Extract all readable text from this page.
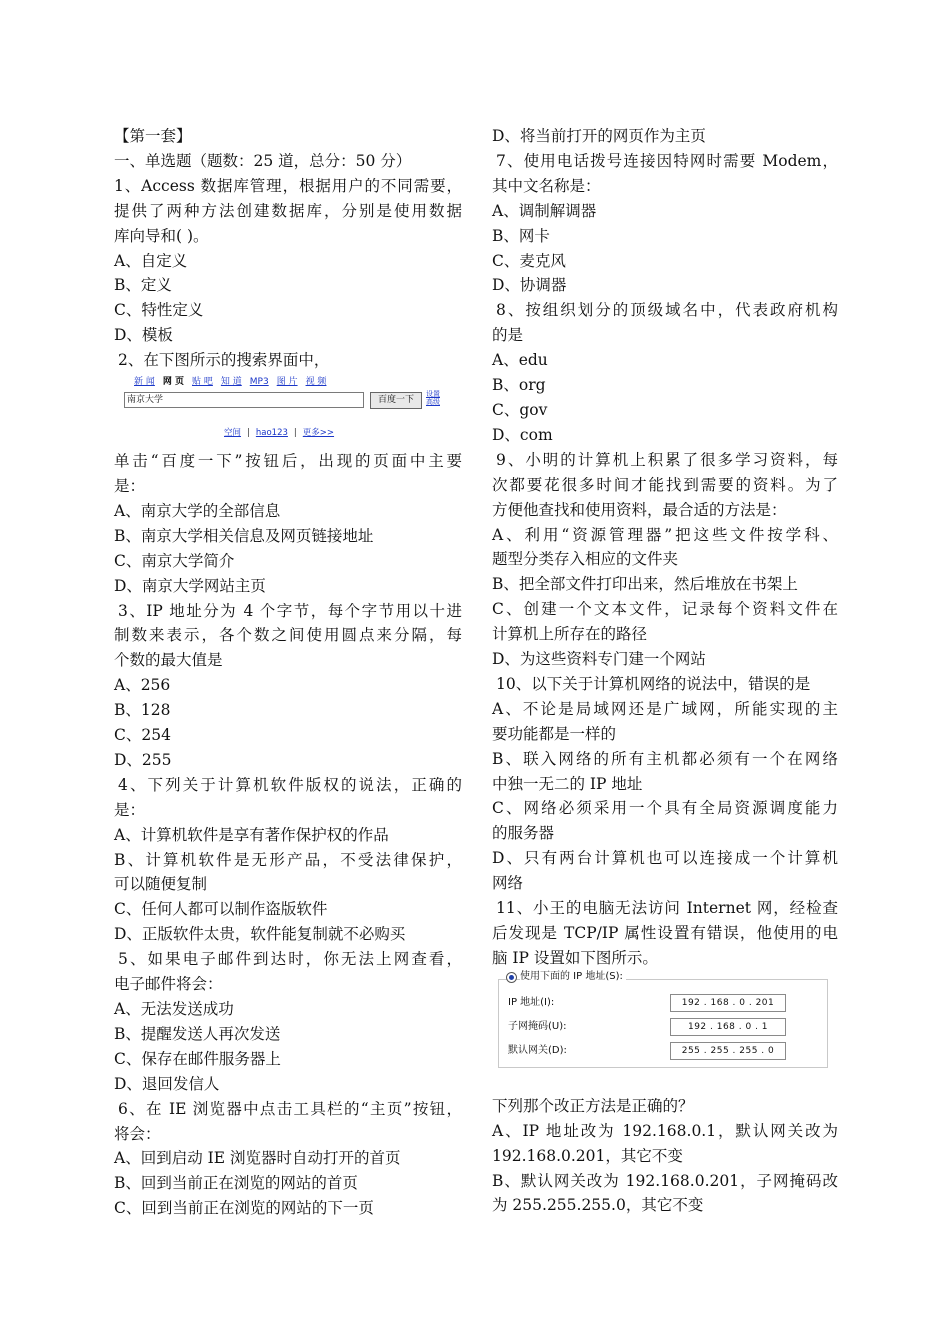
【第一套】
一、单选题（题数：25 道，总分：50 分）
1、Access 数据库管理，根据用户的不同需要，
提供了两种方法创建数据库，分别是使用数据
库向导和( )。
A、自定义
B、定义
C、特性定义
D、模板
2、在下图所示的搜索界面中，
新 闻 网 页 贴 吧 知 道 MP3 图 片 视 频
南京大学	百度一下
设置
高级
空间 | hao123 | 更多>>
单击“百度一下”按钮后，出现的页面中主要
是：
A、南京大学的全部信息
B、南京大学相关信息及网页链接地址
C、南京大学简介
D、南京大学网站主页
3、IP 地址分为 4 个字节，每个字节用以十进
制数来表示，各个数之间使用圆点来分隔，每
个数的最大值是
A、256
B、128
C、254
D、255
4、下列关于计算机软件版权的说法，正确的
是：
A、计算机软件是享有著作保护权的作品
B、计算机软件是无形产品，不受法律保护，
可以随便复制
C、任何人都可以制作盗版软件
D、正版软件太贵，软件能复制就不必购买
5、如果电子邮件到达时，你无法上网查看，
电子邮件将会：
A、无法发送成功
B、提醒发送人再次发送
C、保存在邮件服务器上
D、退回发信人
6、在 IE 浏览器中点击工具栏的“主页”按钮，
将会：
A、回到启动 IE 浏览器时自动打开的首页
B、回到当前正在浏览的网站的首页
C、回到当前正在浏览的网站的下一页
D、将当前打开的网页作为主页
7、使用电话拨号连接因特网时需要 Modem，
其中文名称是：
A、调制解调器
B、网卡
C、麦克风
D、协调器
8、按组织划分的顶级域名中，代表政府机构
的是
A、edu
B、org
C、gov
D、com
9、小明的计算机上积累了很多学习资料，每
次都要花很多时间才能找到需要的资料。为了
方便他查找和使用资料，最合适的方法是：
A、利用“资源管理器”把这些文件按学科、
题型分类存入相应的文件夹
B、把全部文件打印出来，然后堆放在书架上
C、创建一个文本文件，记录每个资料文件在
计算机上所存在的路径
D、为这些资料专门建一个网站
10、以下关于计算机网络的说法中，错误的是
A、不论是局域网还是广域网，所能实现的主
要功能都是一样的
B、联入网络的所有主机都必须有一个在网络
中独一无二的 IP 地址
C、网络必须采用一个具有全局资源调度能力
的服务器
D、只有两台计算机也可以连接成一个计算机
网络
11、小王的电脑无法访问 Internet 网，经检查
后发现是 TCP/IP 属性设置有错误，他使用的电
脑 IP 设置如下图所示。
使用下面的 IP 地址(S):
IP 地址(I):	192 . 168 . 0 . 201
子网掩码(U):	192 . 168 . 0 . 1
默认网关(D):	255 . 255 . 255 . 0
下列那个改正方法是正确的？
A、IP 地址改为 192.168.0.1，默认网关改为
192.168.0.201，其它不变
B、默认网关改为 192.168.0.201，子网掩码改
为 255.255.255.0，其它不变
